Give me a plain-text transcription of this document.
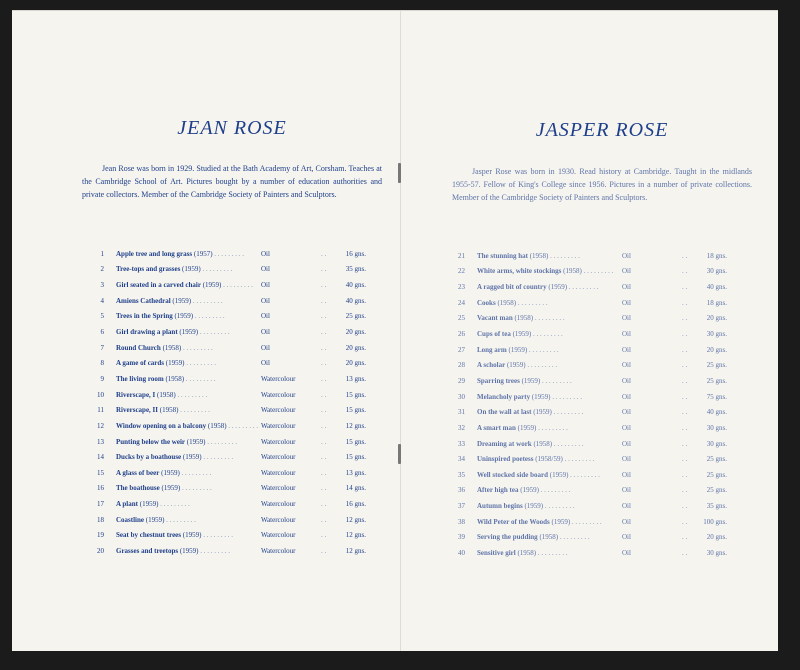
JEAN ROSE

Jean Rose was born in 1929. Studied at the Bath Academy of Art, Corsham. Teaches at the Cambridge School of Art. Pictures bought by a number of education authorities and private collectors. Member of the Cambridge Society of Painters and Sculptors.

1	Apple tree and long grass (1957) . . . . . . . . .	Oil	. .	16 gns.
2	Tree-tops and grasses (1959) . . . . . . . . .	Oil	. .	35 gns.
3	Girl seated in a carved chair (1959) . . . . . . . . .	Oil	. .	40 gns.
4	Amiens Cathedral (1959) . . . . . . . . .	Oil	. .	40 gns.
5	Trees in the Spring (1959) . . . . . . . . .	Oil	. .	25 gns.
6	Girl drawing a plant (1959) . . . . . . . . .	Oil	. .	20 gns.
7	Round Church (1958) . . . . . . . . .	Oil	. .	20 gns.
8	A game of cards (1959) . . . . . . . . .	Oil	. .	20 gns.
9	The living room (1958) . . . . . . . . .	Watercolour	. .	13 gns.
10	Riverscape, I (1958) . . . . . . . . .	Watercolour	. .	15 gns.
11	Riverscape, II (1958) . . . . . . . . .	Watercolour	. .	15 gns.
12	Window opening on a balcony (1958) . . . . . . . . .	Watercolour	. .	12 gns.
13	Punting below the weir (1959) . . . . . . . . .	Watercolour	. .	15 gns.
14	Ducks by a boathouse (1959) . . . . . . . . .	Watercolour	. .	15 gns.
15	A glass of beer (1959) . . . . . . . . .	Watercolour	. .	13 gns.
16	The boathouse (1959) . . . . . . . . .	Watercolour	. .	14 gns.
17	A plant (1959) . . . . . . . . .	Watercolour	. .	16 gns.
18	Coastline (1959) . . . . . . . . .	Watercolour	. .	12 gns.
19	Seat by chestnut trees (1959) . . . . . . . . .	Watercolour	. .	12 gns.
20	Grasses and treetops (1959) . . . . . . . . .	Watercolour	. .	12 gns.
JASPER ROSE

Jasper Rose was born in 1930. Read history at Cambridge. Taught in the midlands 1955-57. Fellow of King's College since 1956. Pictures in a number of private collections. Member of the Cambridge Society of Painters and Sculptors.

21	The stunning hat (1958) . . . . . . . . .	Oil	. .	18 gns.
22	White arms, white stockings (1958) . . . . . . . . .	Oil	. .	30 gns.
23	A ragged bit of country (1959) . . . . . . . . .	Oil	. .	40 gns.
24	Cooks (1958) . . . . . . . . .	Oil	. .	18 gns.
25	Vacant man (1958) . . . . . . . . .	Oil	. .	20 gns.
26	Cups of tea (1959) . . . . . . . . .	Oil	. .	30 gns.
27	Long arm (1959) . . . . . . . . .	Oil	. .	20 gns.
28	A scholar (1959) . . . . . . . . .	Oil	. .	25 gns.
29	Sparring trees (1959) . . . . . . . . .	Oil	. .	25 gns.
30	Melancholy party (1959) . . . . . . . . .	Oil	. .	75 gns.
31	On the wall at last (1959) . . . . . . . . .	Oil	. .	40 gns.
32	A smart man (1959) . . . . . . . . .	Oil	. .	30 gns.
33	Dreaming at work (1958) . . . . . . . . .	Oil	. .	30 gns.
34	Uninspired poetess (1958/59) . . . . . . . . .	Oil	. .	25 gns.
35	Well stocked side board (1959) . . . . . . . . .	Oil	. .	25 gns.
36	After high tea (1959) . . . . . . . . .	Oil	. .	25 gns.
37	Autumn begins (1959) . . . . . . . . .	Oil	. .	35 gns.
38	Wild Peter of the Woods (1959) . . . . . . . . .	Oil	. .	100 gns.
39	Serving the pudding (1958) . . . . . . . . .	Oil	. .	20 gns.
40	Sensitive girl (1958) . . . . . . . . .	Oil	. .	30 gns.
